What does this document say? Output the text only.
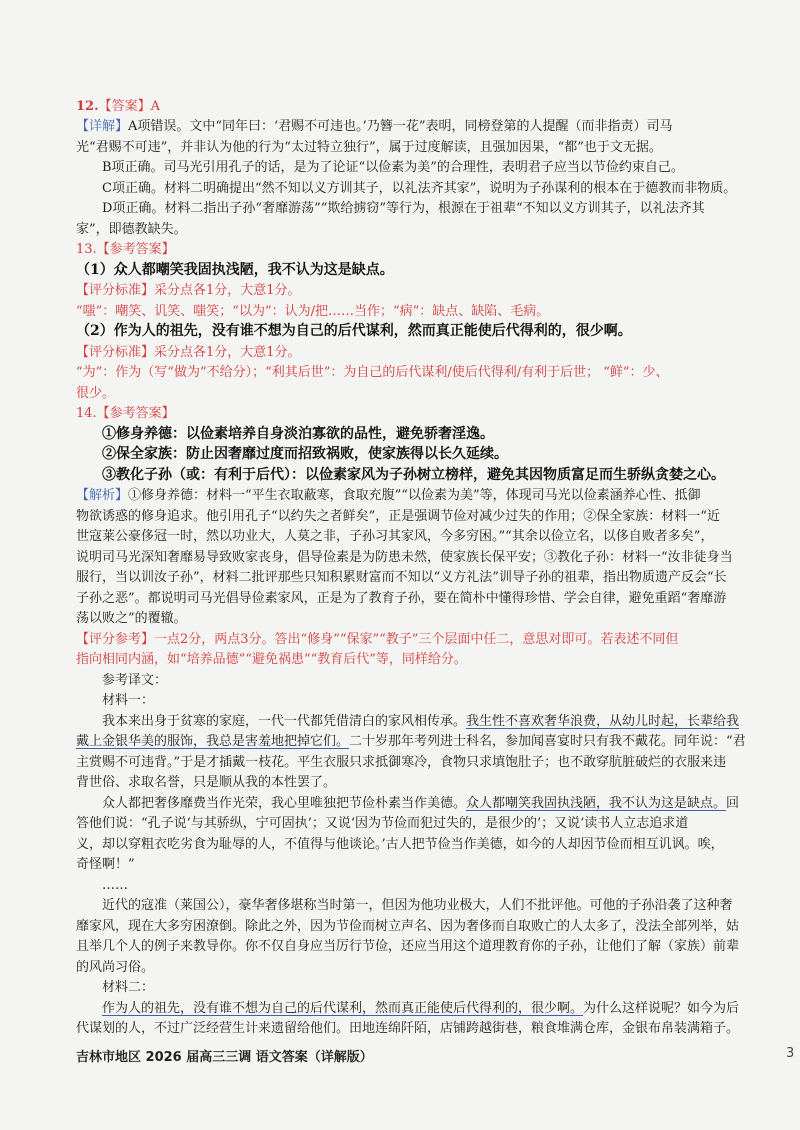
12.【答案】A
【详解】A项错误。文中“同年曰：‘君赐不可违也。’乃簪一花”表明，同榜登第的人提醒（而非指责）司马
光“君赐不可违”，并非认为他的行为“太过特立独行”，属于过度解读，且强加因果，“都”也于文无据。
B项正确。司马光引用孔子的话，是为了论证“以俭素为美”的合理性，表明君子应当以节俭约束自己。
C项正确。材料二明确提出“然不知以义方训其子，以礼法齐其家”，说明为子孙谋利的根本在于德教而非物质。
D项正确。材料二指出子孙“奢靡游荡”“欺给掳窃”等行为，根源在于祖辈“不知以义方训其子，以礼法齐其
家”，即德教缺失。
13.【参考答案】
（1）众人都嘲笑我固执浅陋，我不认为这是缺点。
【评分标准】采分点各1分，大意1分。
“嗤”：嘲笑、讥笑、嗤笑；“以为”：认为/把……当作；“病”：缺点、缺陷、毛病。
（2）作为人的祖先，没有谁不想为自己的后代谋利，然而真正能使后代得利的，很少啊。
【评分标准】采分点各1分，大意1分。
“为”：作为（写“做为”不给分）；“利其后世”：为自己的后代谋利/使后代得利/有利于后世； “鲜”：少、
很少。
14.【参考答案】
①修身养德：以俭素培养自身淡泊寡欲的品性，避免骄奢淫逸。
②保全家族：防止因奢靡过度而招致祸败，使家族得以长久延续。
③教化子孙（或：有利于后代）：以俭素家风为子孙树立榜样，避免其因物质富足而生骄纵贪婪之心。
【解析】①修身养德：材料一“平生衣取蔽寒，食取充腹”“以俭素为美”等，体现司马光以俭素涵养心性、抵御
物欲诱惑的修身追求。他引用孔子“以约失之者鲜矣”，正是强调节俭对减少过失的作用；②保全家族：材料一“近
世寇莱公豪侈冠一时，然以功业大，人莫之非，子孙习其家风，今多穷困。”“其余以俭立名，以侈自败者多矣”，
说明司马光深知奢靡易导致败家丧身，倡导俭素是为防患未然，使家族长保平安；③教化子孙：材料一“汝非徒身当
服行，当以训汝子孙”，材料二批评那些只知积累财富而不知以“义方礼法”训导子孙的祖辈，指出物质遗产反会“长
子孙之恶”。都说明司马光倡导俭素家风，正是为了教育子孙，要在简朴中懂得珍惜、学会自律，避免重蹈“奢靡游
荡以败之”的覆辙。
【评分参考】一点2分，两点3分。答出“修身”“保家”“教子”三个层面中任二，意思对即可。若表述不同但
指向相同内涵，如“培养品德”“避免祸患”“教育后代”等，同样给分。
参考译文：
材料一：
我本来出身于贫寒的家庭，一代一代都凭借清白的家风相传承。我生性不喜欢奢华浪费，从幼儿时起，长辈给我
戴上金银华美的服饰，我总是害羞地把掉它们。二十岁那年考列进士科名，参加闻喜宴时只有我不戴花。同年说：“君
主赏赐不可违背。”于是才插戴一枝花。平生衣服只求抵御寒冷，食物只求填饱肚子；也不敢穿肮脏破烂的衣服来违
背世俗、求取名誉，只是顺从我的本性罢了。
众人都把奢侈靡费当作光荣，我心里唯独把节俭朴素当作美德。众人都嘲笑我固执浅陋，我不认为这是缺点。回
答他们说：“孔子说‘与其骄纵，宁可固执’；又说‘因为节俭而犯过失的，是很少的’；又说‘读书人立志追求道
义，却以穿粗衣吃劣食为耻辱的人，不值得与他谈论。’古人把节俭当作美德，如今的人却因节俭而相互讥讽。唉，
奇怪啊！”
……
近代的寇准（莱国公），豪华奢侈堪称当时第一，但因为他功业极大，人们不批评他。可他的子孙沿袭了这种奢
靡家风，现在大多穷困潦倒。除此之外，因为节俭而树立声名、因为奢侈而自取败亡的人太多了，没法全部列举，姑
且举几个人的例子来教导你。你不仅自身应当厉行节俭，还应当用这个道理教育你的子孙，让他们了解（家族）前辈
的风尚习俗。
材料二：
作为人的祖先，没有谁不想为自己的后代谋利，然而真正能使后代得利的，很少啊。为什么这样说呢？如今为后
代谋划的人，不过广泛经营生计来遗留给他们。田地连绵阡陌，店铺跨越街巷，粮食堆满仓库，金银布帛装满箱子。
吉林市地区 2026 届高三三调 语文答案（详解版）	3
